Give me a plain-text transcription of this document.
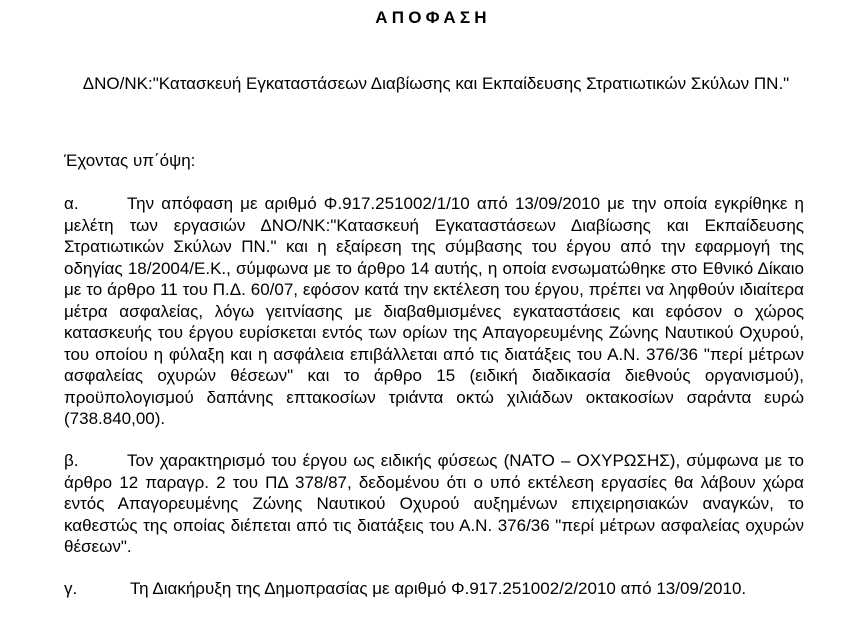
ΑΠΟΦΑΣΗ
ΔΝΟ/ΝΚ:"Κατασκευή Εγκαταστάσεων Διαβίωσης και Εκπαίδευσης Στρατιωτικών Σκύλων ΠΝ."
Έχοντας υπ΄όψη:
α.	Την απόφαση με αριθμό Φ.917.251002/1/10 από 13/09/2010 με την οποία εγκρίθηκε η μελέτη των εργασιών ΔΝΟ/ΝΚ:"Κατασκευή Εγκαταστάσεων Διαβίωσης και Εκπαίδευσης Στρατιωτικών Σκύλων ΠΝ." και η εξαίρεση της σύμβασης του έργου από την εφαρμογή της οδηγίας 18/2004/Ε.Κ., σύμφωνα με το άρθρο 14 αυτής, η οποία ενσωματώθηκε στο Εθνικό Δίκαιο με το άρθρο 11 του Π.Δ. 60/07, εφόσον κατά την εκτέλεση του έργου, πρέπει να ληφθούν ιδιαίτερα μέτρα ασφαλείας, λόγω γειτνίασης με διαβαθμισμένες εγκαταστάσεις και εφόσον ο χώρος κατασκευής του έργου ευρίσκεται εντός των ορίων της Απαγορευμένης Ζώνης Ναυτικού Οχυρού, του οποίου η φύλαξη και η ασφάλεια επιβάλλεται από τις διατάξεις του Α.Ν. 376/36 "περί μέτρων ασφαλείας οχυρών θέσεων" και το άρθρο 15 (ειδική διαδικασία διεθνούς οργανισμού), προϋπολογισμού δαπάνης επτακοσίων τριάντα οκτώ χιλιάδων οκτακοσίων σαράντα ευρώ (738.840,00).
β.	Τον χαρακτηρισμό του έργου ως ειδικής φύσεως (ΝΑΤΟ – ΟΧΥΡΩΣΗΣ), σύμφωνα με το άρθρο 12 παραγρ. 2 του ΠΔ 378/87, δεδομένου ότι ο υπό εκτέλεση εργασίες θα λάβουν χώρα εντός Απαγορευμένης Ζώνης Ναυτικού Οχυρού αυξημένων επιχειρησιακών αναγκών, το καθεστώς της οποίας διέπεται από τις διατάξεις του Α.Ν. 376/36 "περί μέτρων ασφαλείας οχυρών θέσεων".
γ.	Τη Διακήρυξη της Δημοπρασίας με αριθμό Φ.917.251002/2/2010 από 13/09/2010.
